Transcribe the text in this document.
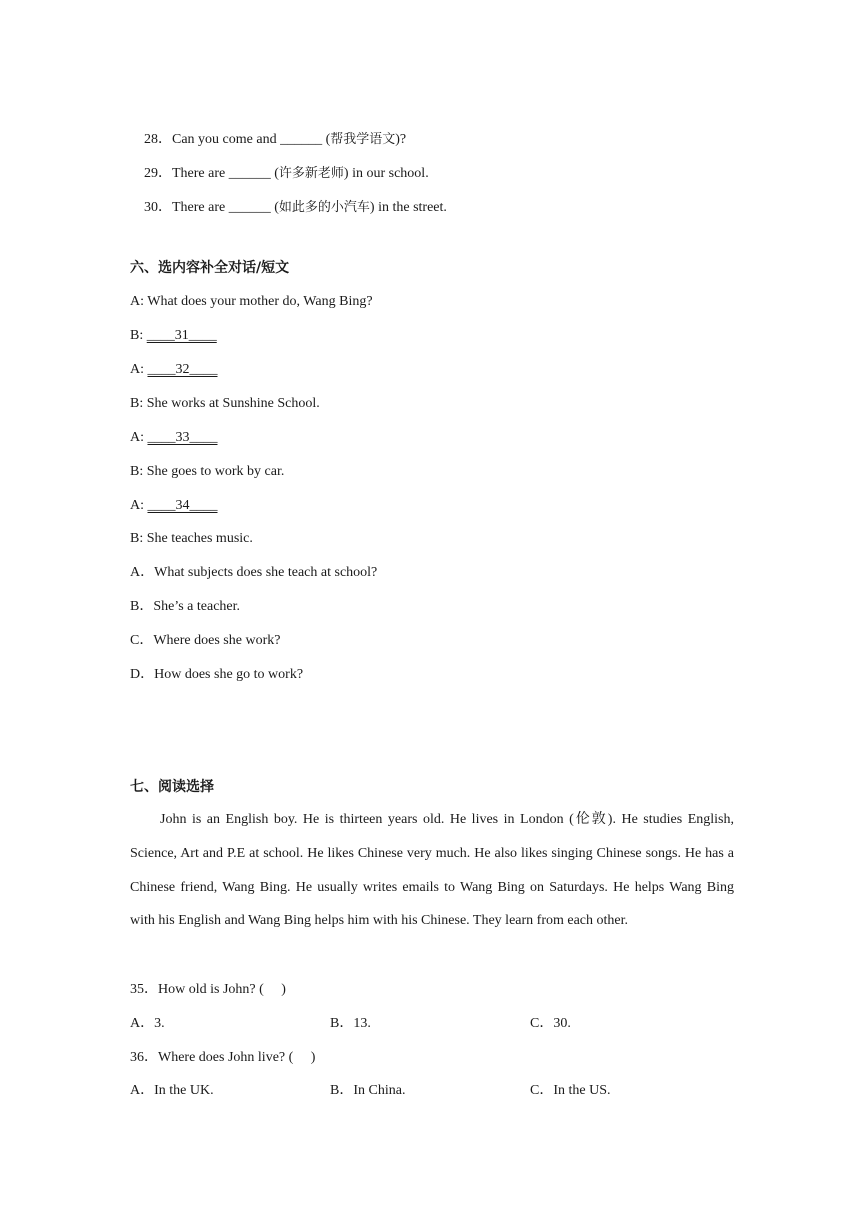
28．Can you come and ______ (帮我学语文)?

29．There are ______ (许多新老师) in our school.

30．There are ______ (如此多的小汽车) in the street.

六、选内容补全对话/短文
A: What does your mother do, Wang Bing?
B: ____31____
A: ____32____
B: She works at Sunshine School.
A: ____33____
B: She goes to work by car.
A: ____34____
B: She teaches music.
A．What subjects does she teach at school?
B．She’s a teacher.
C．Where does she work?
D．How does she go to work?
七、阅读选择
John is an English boy. He is thirteen years old. He lives in London (伦敦). He studies English, Science, Art and P.E at school. He likes Chinese very much. He also likes singing Chinese songs. He has a Chinese friend, Wang Bing. He usually writes emails to Wang Bing on Saturdays. He helps Wang Bing with his English and Wang Bing helps him with his Chinese. They learn from each other.
35．How old is John? (     )
A．3.	B．13.	C．30.
36．Where does John live? (     )
A．In the UK.	B．In China.	C．In the US.
